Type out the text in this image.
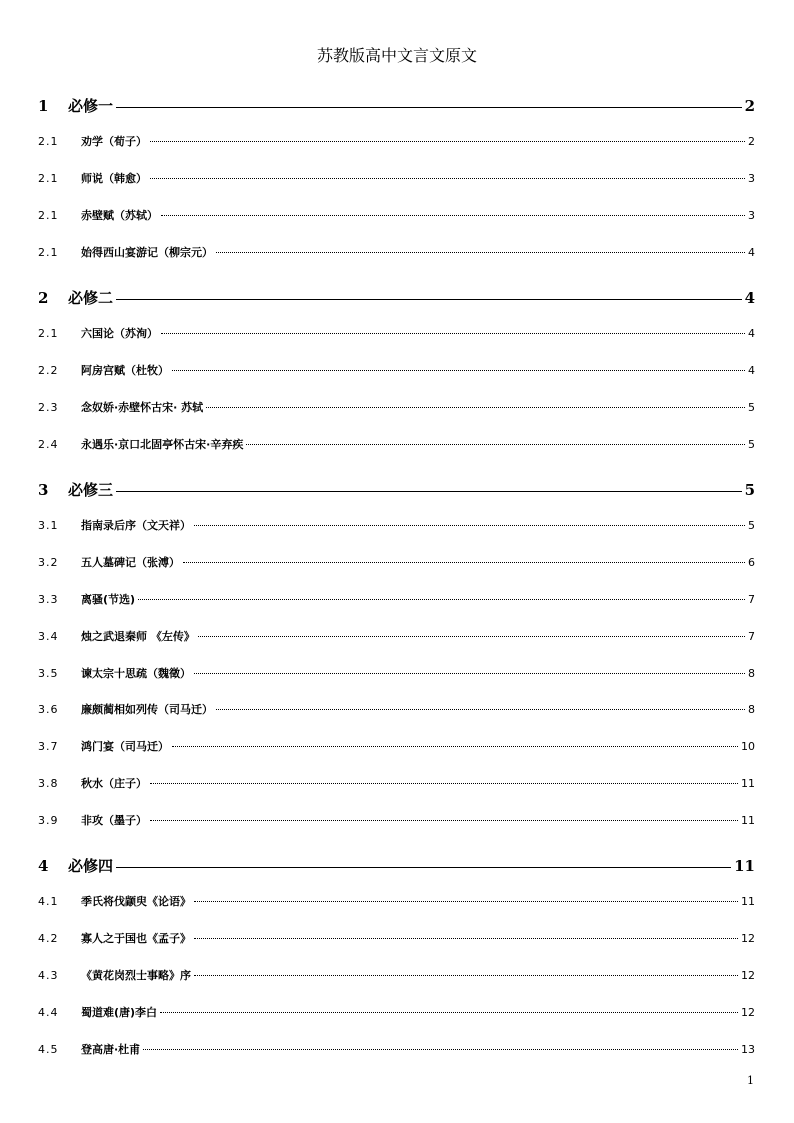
苏教版高中文言文原文
1	必修一	2
2.1	劝学（荀子）	2
2.1	师说（韩愈）	3
2.1	赤壁赋（苏轼）	3
2.1	始得西山宴游记（柳宗元）	4
2	必修二	4
2.1	六国论（苏洵）	4
2.2	阿房宫赋（杜牧）	4
2.3	念奴娇·赤壁怀古宋· 苏轼	5
2.4	永遇乐·京口北固亭怀古宋·辛弃疾	5
3	必修三	5
3.1	指南录后序（文天祥）	5
3.2	五人墓碑记（张溥）	6
3.3	离骚(节选)	7
3.4	烛之武退秦师 《左传》	7
3.5	谏太宗十思疏（魏徵）	8
3.6	廉颇蔺相如列传（司马迁）	8
3.7	鸿门宴（司马迁）	10
3.8	秋水（庄子）	11
3.9	非攻（墨子）	11
4	必修四	11
4.1	季氏将伐颛臾《论语》	11
4.2	寡人之于国也《孟子》	12
4.3	《黄花岗烈士事略》序	12
4.4	蜀道难(唐)李白	12
4.5	登高唐·杜甫	13
1
